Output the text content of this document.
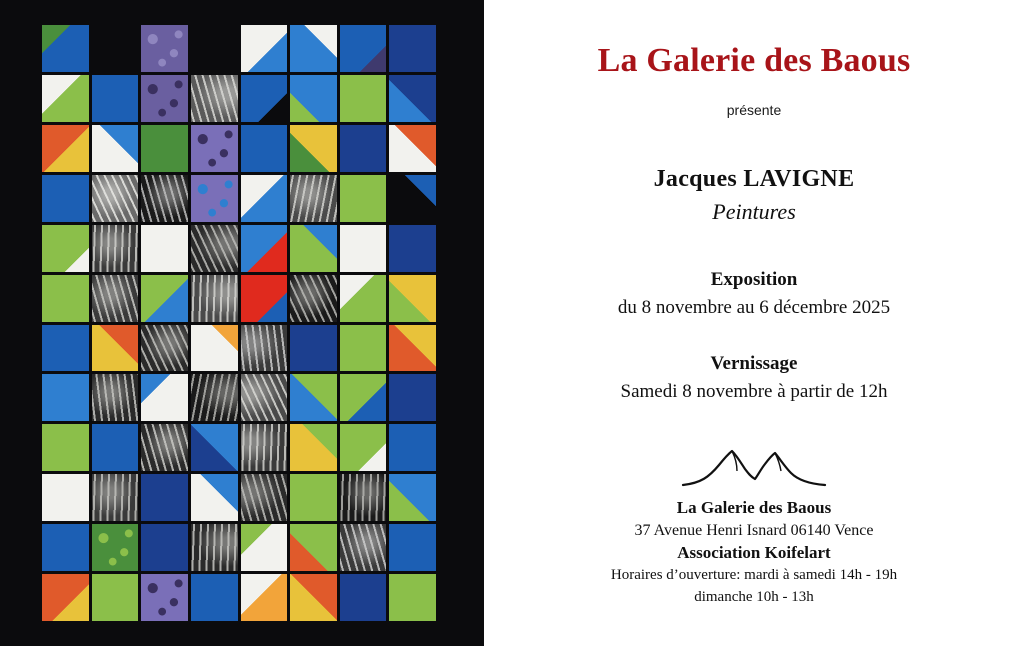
La Galerie des Baous
présente
Jacques LAVIGNE
Peintures
Exposition
du 8 novembre au 6 décembre 2025
Vernissage
Samedi 8 novembre à partir de 12h
La Galerie des Baous
37 Avenue Henri Isnard 06140 Vence
Association Koifelart
Horaires d’ouverture: mardi à samedi 14h - 19h
dimanche 10h - 13h
